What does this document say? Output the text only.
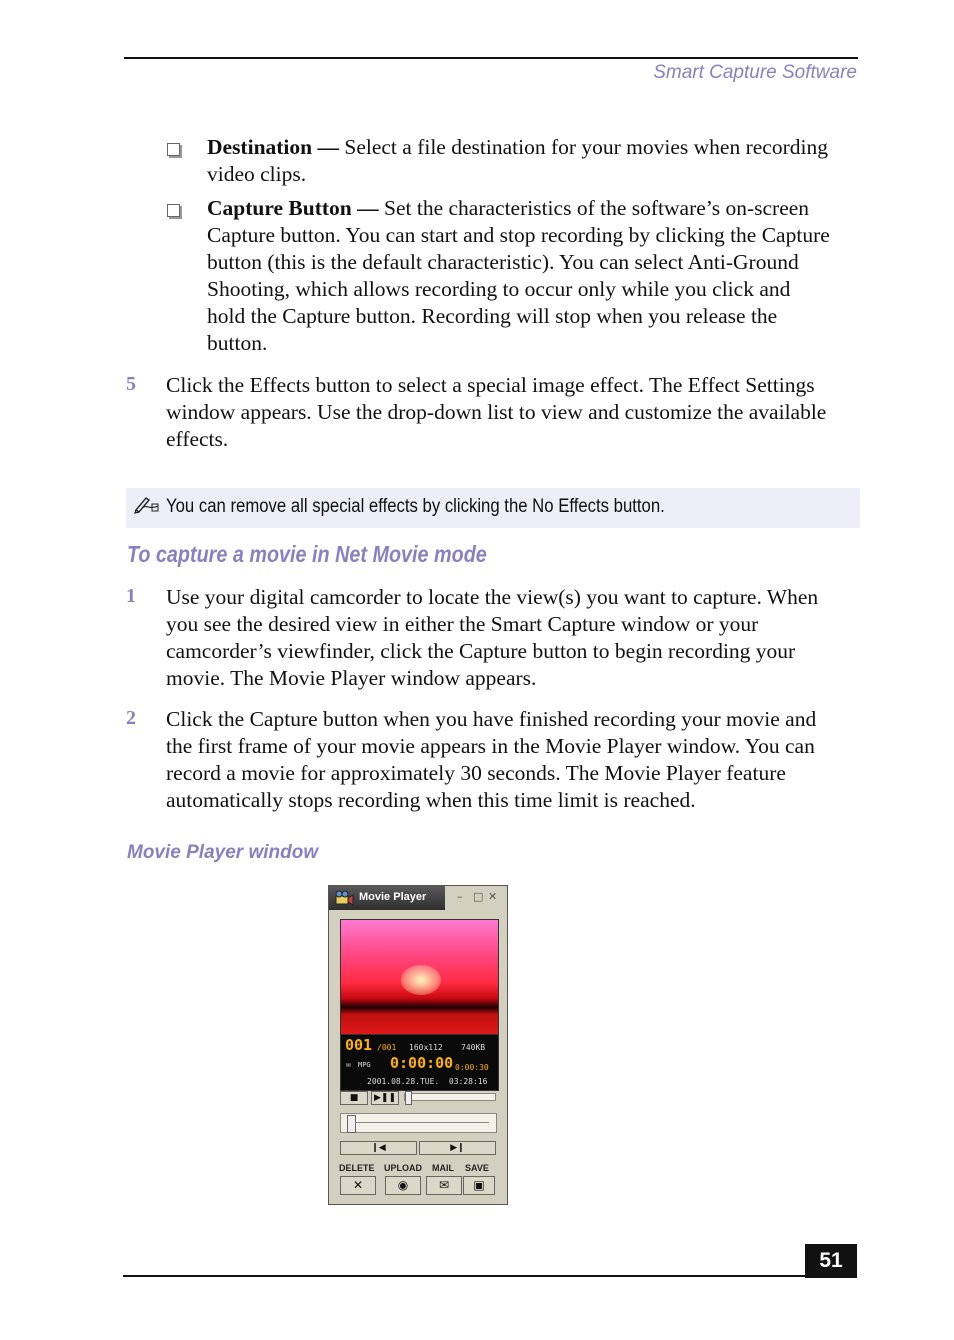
Smart Capture Software
Destination — Select a file destination for your movies when recording
video clips.
Capture Button — Set the characteristics of the software’s on-screen
Capture button. You can start and stop recording by clicking the Capture
button (this is the default characteristic). You can select Anti-Ground
Shooting, which allows recording to occur only while you click and
hold the Capture button. Recording will stop when you release the
button.
5 Click the Effects button to select a special image effect. The Effect Settings
window appears. Use the drop-down list to view and customize the available
effects.
You can remove all special effects by clicking the No Effects button.
To capture a movie in Net Movie mode
1 Use your digital camcorder to locate the view(s) you want to capture. When
you see the desired view in either the Smart Capture window or your
camcorder’s viewfinder, click the Capture button to begin recording your
movie. The Movie Player window appears.
2 Click the Capture button when you have finished recording your movie and
the first frame of your movie appears in the Movie Player window. You can
record a movie for approximately 30 seconds. The Movie Player feature
automatically stops recording when this time limit is reached.
Movie Player window
Movie Player	– □ ✕
001 /001 160x112 740KB
✉ MPG 0:00:00 0:00:30
2001.08.28.TUE.  03:28:16
■	▶❚❚
❙◀	▶❙
DELETE UPLOAD MAIL SAVE
✕	◉	✉	▣
51
